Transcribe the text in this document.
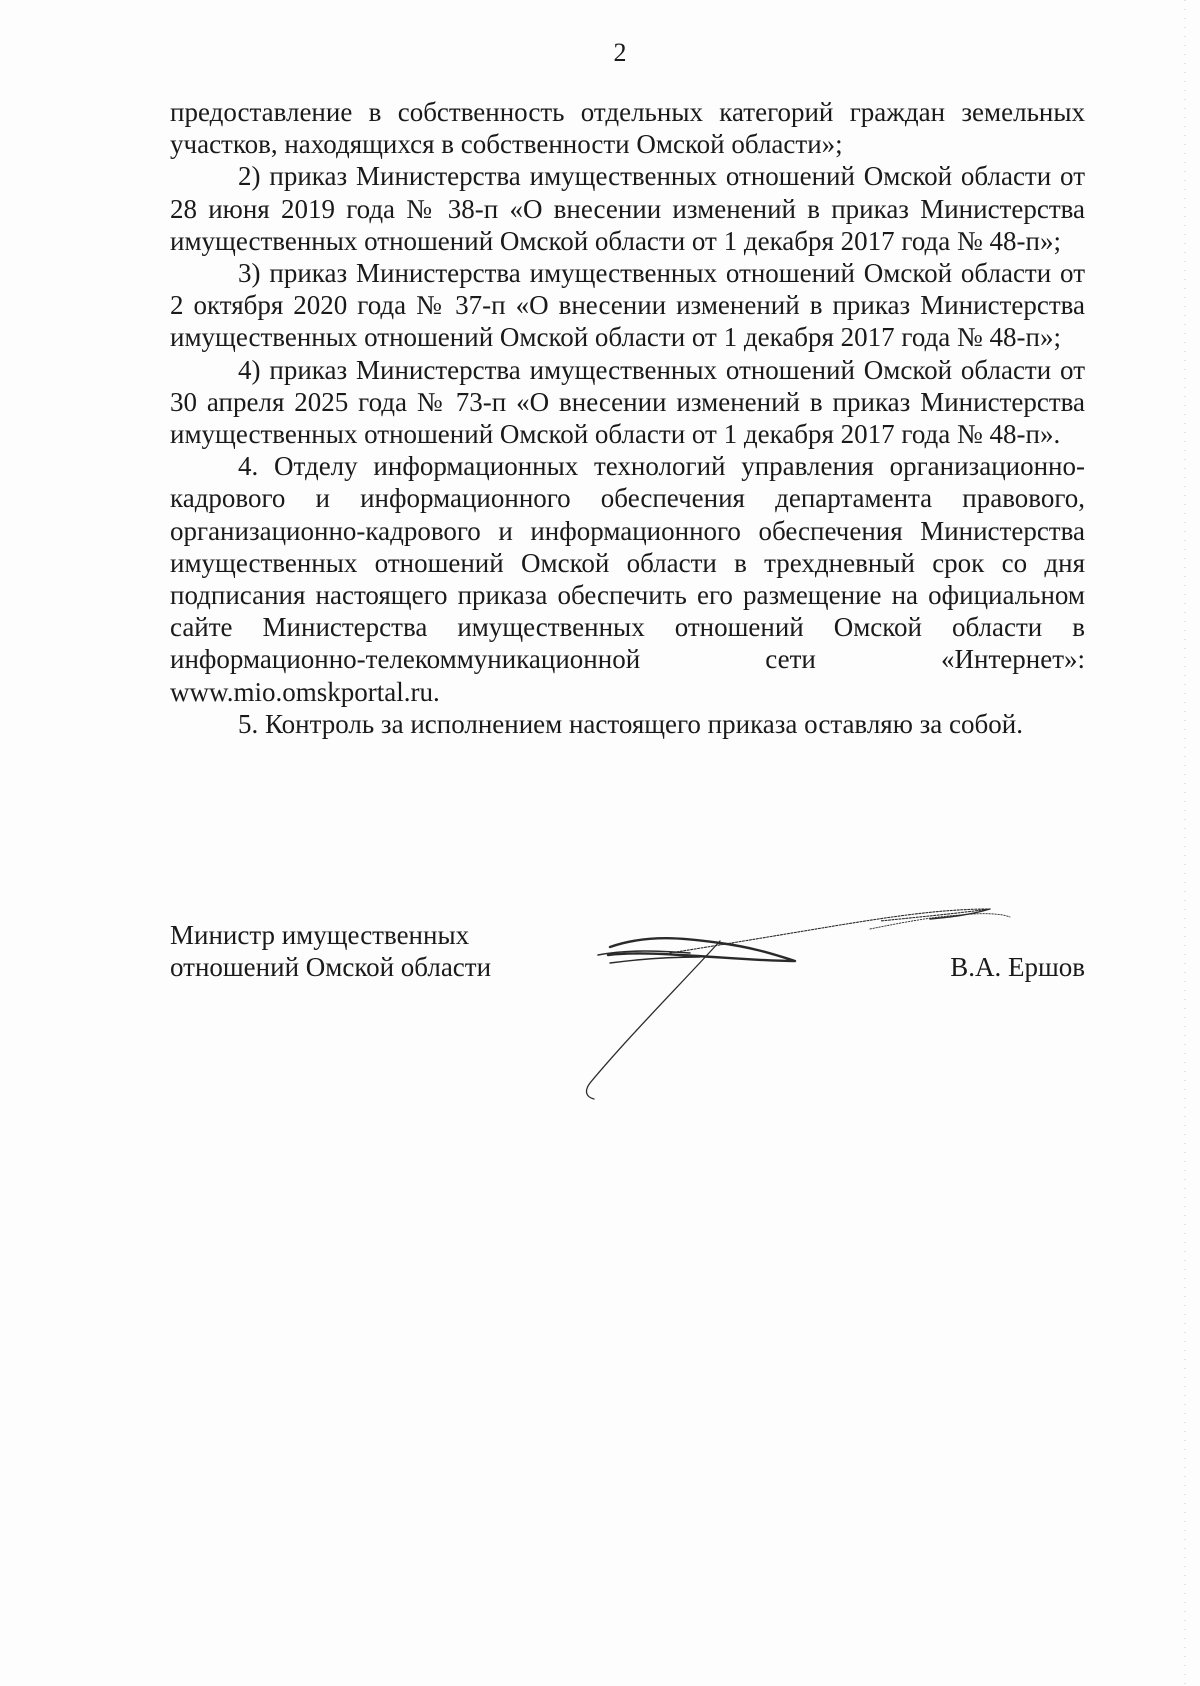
2

предоставление в собственность отдельных категорий граждан земельных участков, находящихся в собственности Омской области»;

2) приказ Министерства имущественных отношений Омской области от 28 июня 2019 года № 38-п «О внесении изменений в приказ Министерства имущественных отношений Омской области от 1 декабря 2017 года № 48-п»;

3) приказ Министерства имущественных отношений Омской области от 2 октября 2020 года № 37-п «О внесении изменений в приказ Министерства имущественных отношений Омской области от 1 декабря 2017 года № 48-п»;

4) приказ Министерства имущественных отношений Омской области от 30 апреля 2025 года № 73-п «О внесении изменений в приказ Министерства имущественных отношений Омской области от 1 декабря 2017 года № 48-п».

4. Отделу информационных технологий управления организационно-кадрового и информационного обеспечения департамента правового, организационно-кадрового и информационного обеспечения Министерства имущественных отношений Омской области в трехдневный срок со дня подписания настоящего приказа обеспечить его размещение на официальном сайте Министерства имущественных отношений Омской области в информационно-телекоммуникационной сети «Интернет»: www.mio.omskportal.ru.

5. Контроль за исполнением настоящего приказа оставляю за собой.

Министр имущественных
отношений Омской области	В.А. Ершов
